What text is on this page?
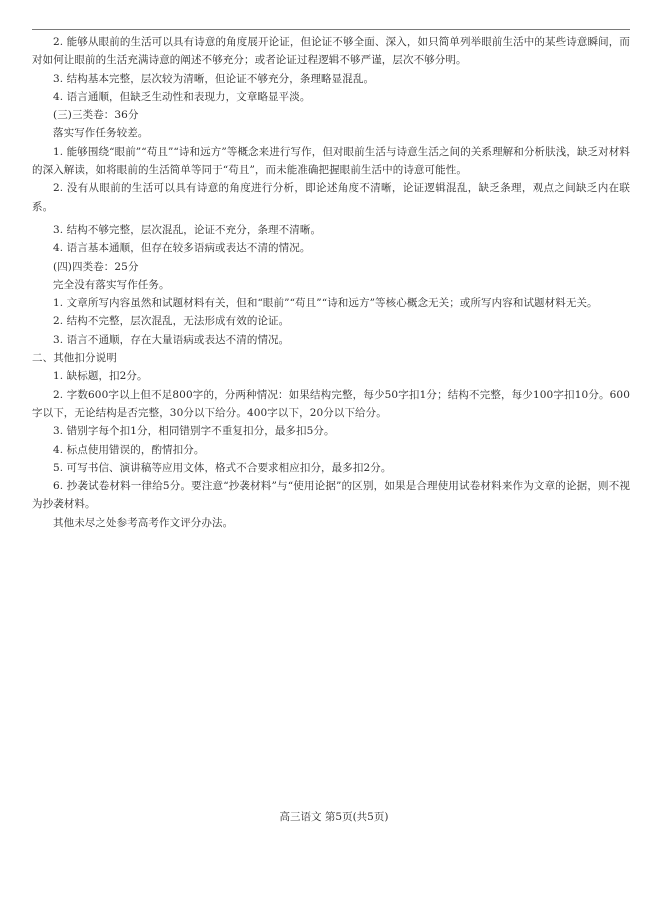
2. 能够从眼前的生活可以具有诗意的角度展开论证，但论证不够全面、深入，如只简单列举眼前生活中的某些诗意瞬间，而对如何让眼前的生活充满诗意的阐述不够充分；或者论证过程逻辑不够严谨，层次不够分明。

3. 结构基本完整，层次较为清晰，但论证不够充分，条理略显混乱。

4. 语言通顺，但缺乏生动性和表现力，文章略显平淡。

(三)三类卷：36分

落实写作任务较差。

1. 能够围绕“眼前”“苟且”“诗和远方”等概念来进行写作，但对眼前生活与诗意生活之间的关系理解和分析肤浅，缺乏对材料的深入解读，如将眼前的生活简单等同于“苟且”，而未能准确把握眼前生活中的诗意可能性。

2. 没有从眼前的生活可以具有诗意的角度进行分析，即论述角度不清晰，论证逻辑混乱，缺乏条理，观点之间缺乏内在联系。

3. 结构不够完整，层次混乱，论证不充分，条理不清晰。

4. 语言基本通顺，但存在较多语病或表达不清的情况。

(四)四类卷：25分

完全没有落实写作任务。

1. 文章所写内容虽然和试题材料有关，但和“眼前”“苟且”“诗和远方”等核心概念无关；或所写内容和试题材料无关。

2. 结构不完整，层次混乱，无法形成有效的论证。

3. 语言不通顺，存在大量语病或表达不清的情况。

二、其他扣分说明

1. 缺标题，扣2分。

2. 字数600字以上但不足800字的，分两种情况：如果结构完整，每少50字扣1分；结构不完整，每少100字扣10分。600字以下，无论结构是否完整，30分以下给分。400字以下，20分以下给分。

3. 错别字每个扣1分，相同错别字不重复扣分，最多扣5分。

4. 标点使用错误的，酌情扣分。

5. 可写书信、演讲稿等应用文体，格式不合要求相应扣分，最多扣2分。

6. 抄袭试卷材料一律给5分。要注意“抄袭材料”与“使用论据”的区别，如果是合理使用试卷材料来作为文章的论据，则不视为抄袭材料。

其他未尽之处参考高考作文评分办法。

高三语文 第5页(共5页)
